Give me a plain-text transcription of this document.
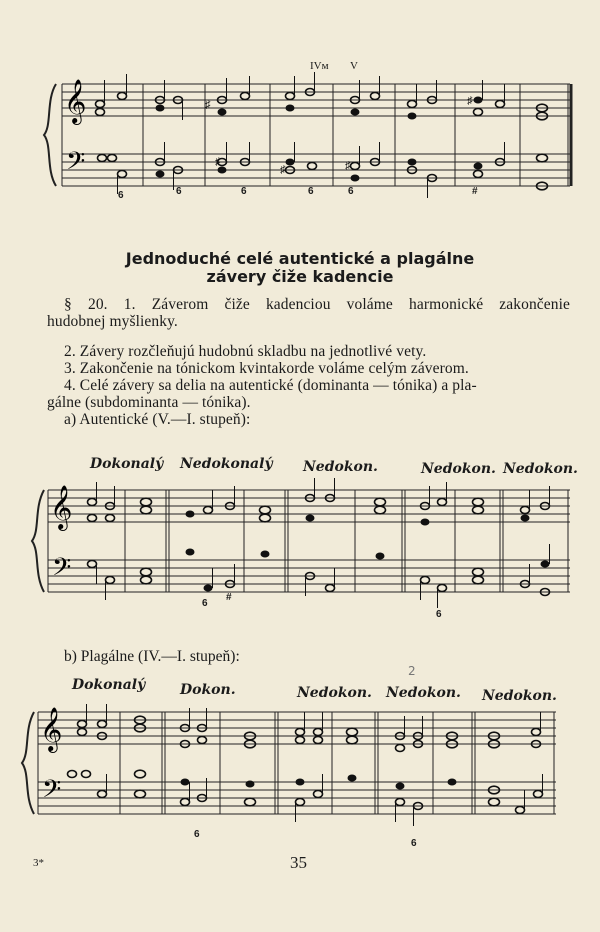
IVм V
𝄞
𝄢	♯
♯	♯
♯	♯
6	6	6	6	6	#
Jednoduché celé autentické a plagálne
závery čiže kadencie
§ 20. 1. Záverom čiže kadenciou voláme harmonické zakončenie
hudobnej myšlienky.
2. Závery rozčleňujú hudobnú skladbu na jednotlivé vety.
3. Zakončenie na tónickom kvintakorde voláme celým záverom.
4. Celé závery sa delia na autentické (dominanta — tónika) a pla-
gálne (subdominanta — tónika).
a) Autentické (V.—I. stupeň):
Dokonalý Nedokonalý Nedokon.	Nedokon. Nedokon.
𝄞
𝄢
6
#
6
b) Plagálne (IV.—I. stupeň):
Dokonalý Dokon.	Nedokon. Nedokon. Nedokon.
2
𝄞
𝄢
6
6
3*	35
